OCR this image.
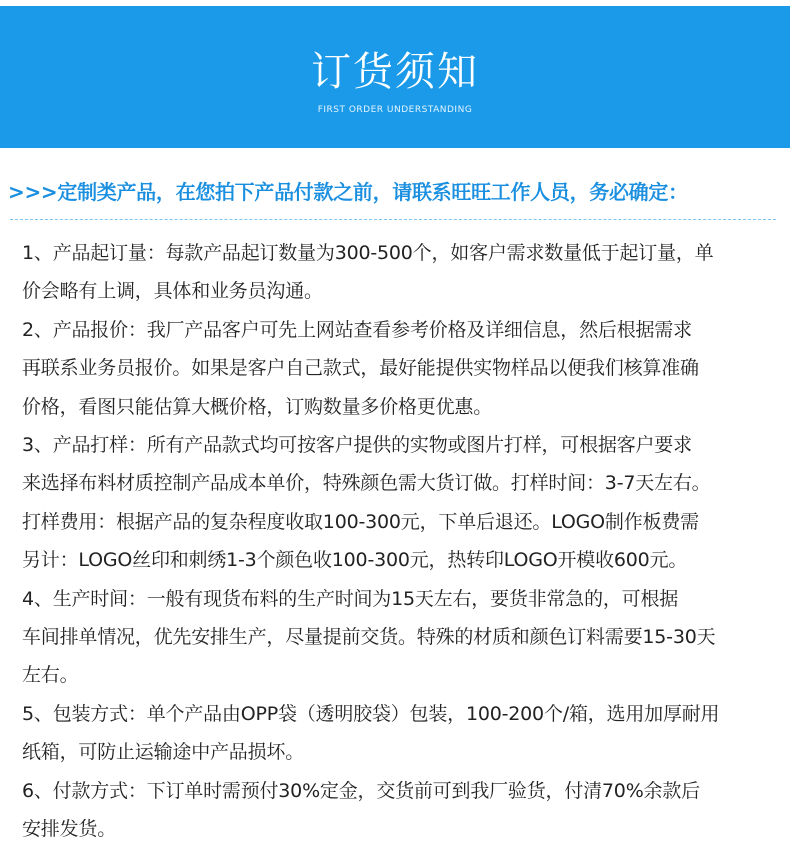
订货须知
FIRST ORDER UNDERSTANDING
>>>定制类产品，在您拍下产品付款之前，请联系旺旺工作人员，务必确定：
1、产品起订量：每款产品起订数量为300-500个，如客户需求数量低于起订量，单
价会略有上调，具体和业务员沟通。
2、产品报价：我厂产品客户可先上网站查看参考价格及详细信息，然后根据需求
再联系业务员报价。如果是客户自己款式，最好能提供实物样品以便我们核算准确
价格，看图只能估算大概价格，订购数量多价格更优惠。
3、产品打样：所有产品款式均可按客户提供的实物或图片打样，可根据客户要求
来选择布料材质控制产品成本单价，特殊颜色需大货订做。打样时间：3-7天左右。
打样费用：根据产品的复杂程度收取100-300元，下单后退还。LOGO制作板费需
另计：LOGO丝印和刺绣1-3个颜色收100-300元，热转印LOGO开模收600元。
4、生产时间：一般有现货布料的生产时间为15天左右，要货非常急的，可根据
车间排单情况，优先安排生产，尽量提前交货。特殊的材质和颜色订料需要15-30天
左右。
5、包装方式：单个产品由OPP袋（透明胶袋）包装，100-200个/箱，选用加厚耐用
纸箱，可防止运输途中产品损坏。
6、付款方式：下订单时需预付30%定金，交货前可到我厂验货，付清70%余款后
安排发货。
